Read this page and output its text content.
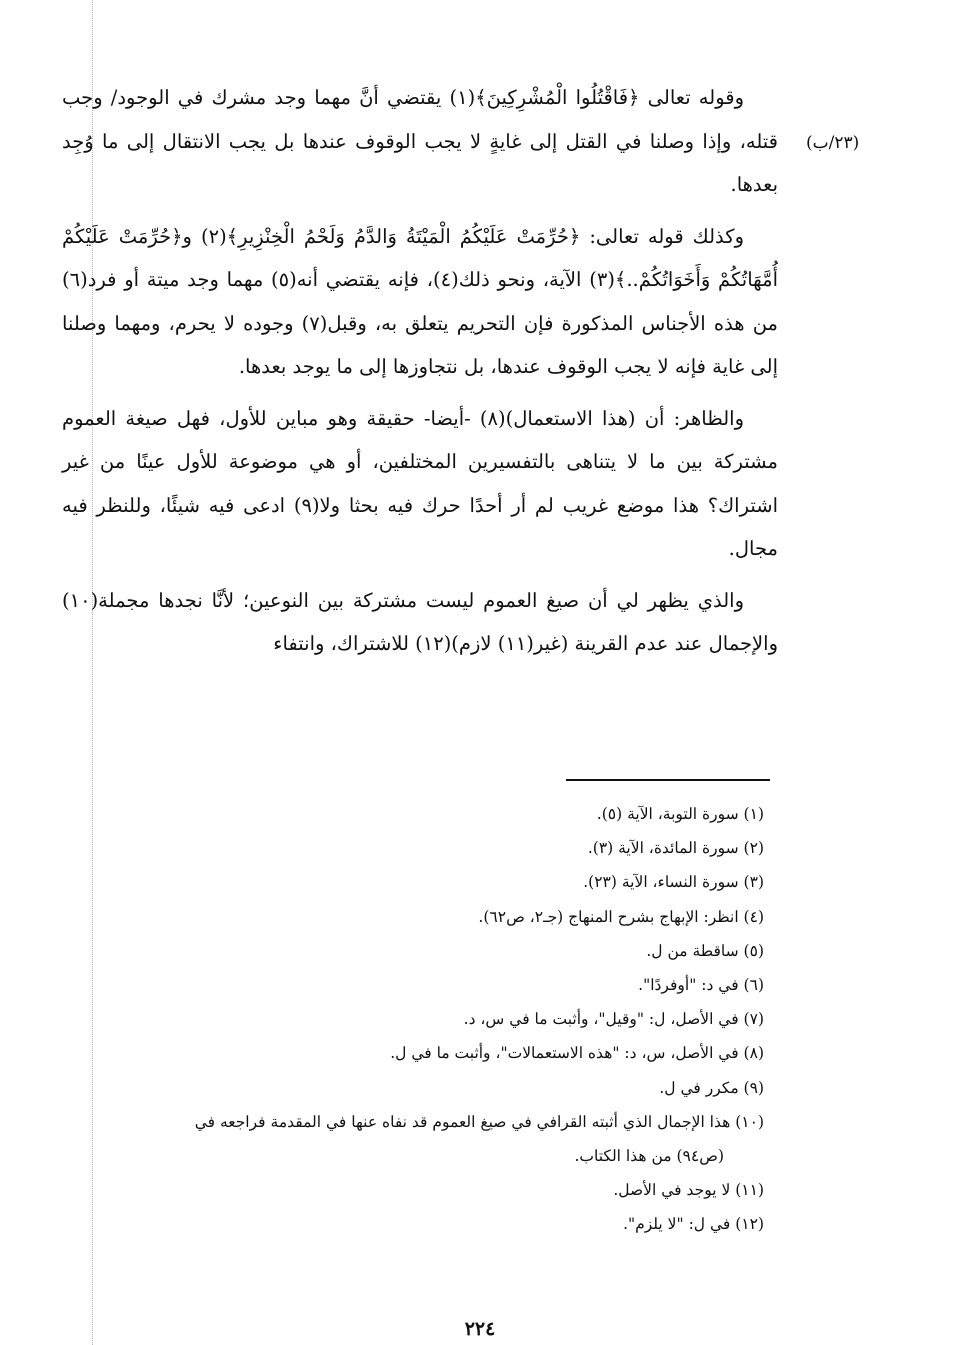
(٢٣/ب)

وقوله تعالى ﴿فَاقْتُلُوا الْمُشْرِكِينَ﴾(١) يقتضي أنَّ مهما وجد مشرك في الوجود/ وجب قتله، وإذا وصلنا في القتل إلى غايةٍ لا يجب الوقوف عندها بل يجب الانتقال إلى ما وُجِد بعدها.

وكذلك قوله تعالى: ﴿حُرِّمَتْ عَلَيْكُمُ الْمَيْتَةُ وَالدَّمُ وَلَحْمُ الْخِنْزِيرِ﴾(٢) و﴿حُرِّمَتْ عَلَيْكُمْ أُمَّهَاتُكُمْ وَأَخَوَاتُكُمْ..﴾(٣) الآية، ونحو ذلك(٤)، فإنه يقتضي أنه(٥) مهما وجد ميتة أو فرد(٦) من هذه الأجناس المذكورة فإن التحريم يتعلق به، وقبل(٧) وجوده لا يحرم، ومهما وصلنا إلى غاية فإنه لا يجب الوقوف عندها، بل نتجاوزها إلى ما يوجد بعدها.

والظاهر: أن (هذا الاستعمال)(٨) -أيضا- حقيقة وهو مباين للأول، فهل صيغة العموم مشتركة بين ما لا يتناهى بالتفسيرين المختلفين، أو هي موضوعة للأول عينًا من غير اشتراك؟ هذا موضع غريب لم أر أحدًا حرك فيه بحثا ولا(٩) ادعى فيه شيئًا، وللنظر فيه مجال.

والذي يظهر لي أن صيغ العموم ليست مشتركة بين النوعين؛ لأنَّا نجدها مجملة(١٠) والإجمال عند عدم القرينة (غير(١١) لازم)(١٢) للاشتراك، وانتفاء

(١) سورة التوبة، الآية (٥).

(٢) سورة المائدة، الآية (٣).

(٣) سورة النساء، الآية (٢٣).

(٤) انظر: الإبهاج بشرح المنهاج (جـ٢، ص٦٢).

(٥) ساقطة من ل.

(٦) في د: "أوفردًا".

(٧) في الأصل، ل: "وقيل"، وأثبت ما في س، د.

(٨) في الأصل، س، د: "هذه الاستعمالات"، وأثبت ما في ل.

(٩) مكرر في ل.

(١٠) هذا الإجمال الذي أثبته القرافي في صيغ العموم قد نفاه عنها في المقدمة فراجعه في

(ص٩٤) من هذا الكتاب.

(١١) لا يوجد في الأصل.

(١٢) في ل: "لا يلزم".

٢٢٤
